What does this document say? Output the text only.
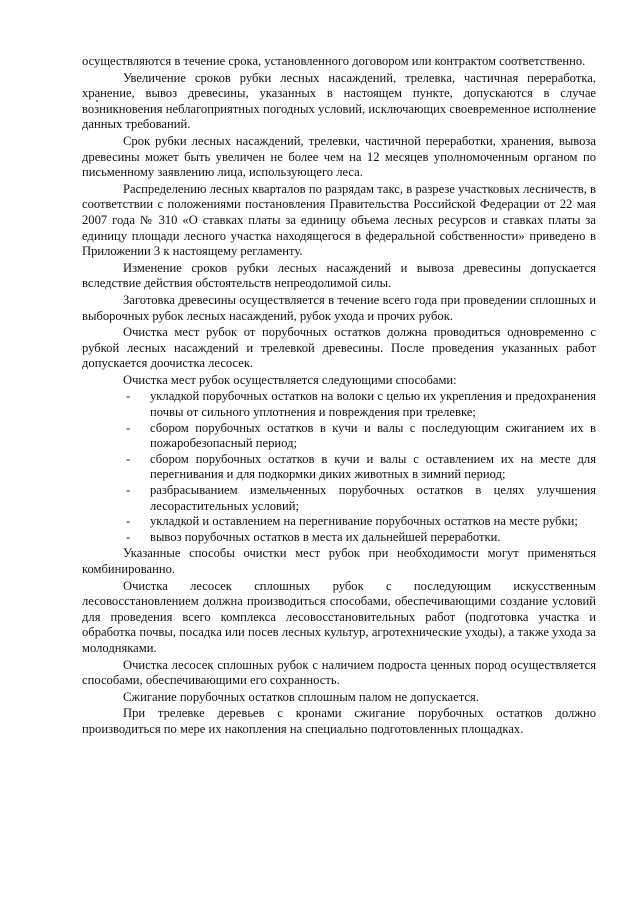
осуществляются в течение срока, установленного договором или контрактом соответственно.

Увеличение сроков рубки лесных насаждений, трелевка, частичная переработка, хранение, вывоз древесины, указанных в настоящем пункте, допускаются в случае возникновения неблагоприятных погодных условий, исключающих своевременное исполнение данных требований.

Срок рубки лесных насаждений, трелевки, частичной переработки, хранения, вывоза древесины может быть увеличен не более чем на 12 месяцев уполномоченным органом по письменному заявлению лица, использующего леса.

Распределению лесных кварталов по разрядам такс, в разрезе участковых лесничеств, в соответствии с положениями постановления Правительства Российской Федерации от 22 мая 2007 года № 310 «О ставках платы за единицу объема лесных ресурсов и ставках платы за единицу площади лесного участка находящегося в федеральной собственности» приведено в Приложении 3 к настоящему регламенту.

Изменение сроков рубки лесных насаждений и вывоза древесины допускается вследствие действия обстоятельств непреодолимой силы.

Заготовка древесины осуществляется в течение всего года при проведении сплошных и выборочных рубок лесных насаждений, рубок ухода и прочих рубок.

Очистка мест рубок от порубочных остатков должна проводиться одновременно с рубкой лесных насаждений и трелевкой древесины. После проведения указанных работ допускается доочистка лесосек.

Очистка мест рубок осуществляется следующими способами:

- укладкой порубочных остатков на волоки с целью их укрепления и предохранения почвы от сильного уплотнения и повреждения при трелевке;
- сбором порубочных остатков в кучи и валы с последующим сжиганием их в пожаробезопасный период;
- сбором порубочных остатков в кучи и валы с оставлением их на месте для перегнивания и для подкормки диких животных в зимний период;
- разбрасыванием измельченных порубочных остатков в целях улучшения лесорастительных условий;
- укладкой и оставлением на перегнивание порубочных остатков на месте рубки;
- вывоз порубочных остатков в места их дальнейшей переработки.

Указанные способы очистки мест рубок при необходимости могут применяться комбинированно.

Очистка лесосек сплошных рубок с последующим искусственным лесовосстановлением должна производиться способами, обеспечивающими создание условий для проведения всего комплекса лесовосстановительных работ (подготовка участка и обработка почвы, посадка или посев лесных культур, агротехнические уходы), а также ухода за молодняками.

Очистка лесосек сплошных рубок с наличием подроста ценных пород осуществляется способами, обеспечивающими его сохранность.

Сжигание порубочных остатков сплошным палом не допускается.

При трелевке деревьев с кронами сжигание порубочных остатков должно производиться по мере их накопления на специально подготовленных площадках.
